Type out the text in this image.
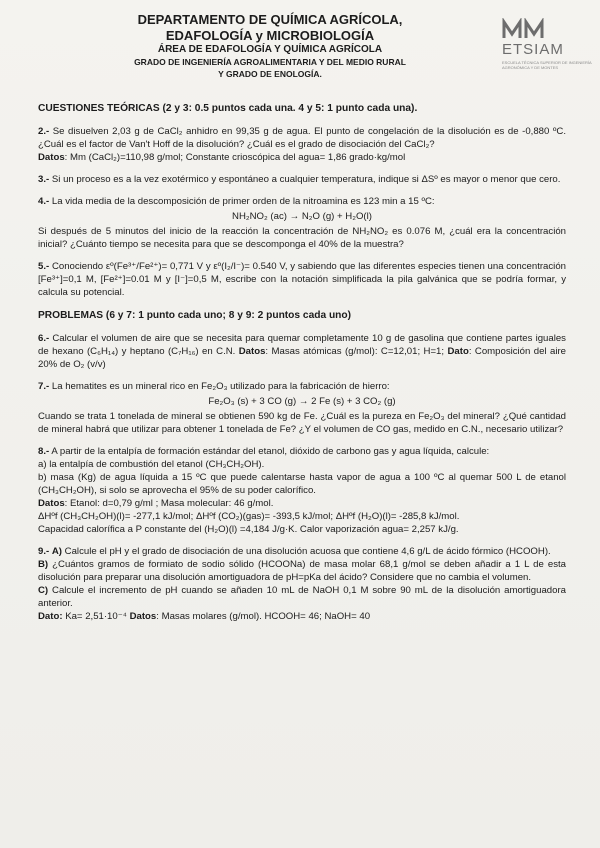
DEPARTAMENTO DE QUÍMICA AGRÍCOLA,
EDAFOLOGÍA y MICROBIOLOGÍA
ÁREA DE EDAFOLOGÍA Y QUÍMICA AGRÍCOLA
GRADO DE INGENIERÍA AGROALIMENTARIA Y DEL MEDIO RURAL
Y GRADO DE ENOLOGÍA.
ETSIAM
ESCUELA TÉCNICA SUPERIOR DE INGENIERÍA AGRONÓMICA Y DE MONTES
CUESTIONES TEÓRICAS (2 y 3: 0.5 puntos cada una. 4 y 5: 1 punto cada una).
2.- Se disuelven 2,03 g de CaCl₂ anhidro en 99,35 g de agua. El punto de congelación de la disolución es de -0,880 ºC. ¿Cuál es el factor de Van't Hoff de la disolución? ¿Cuál es el grado de disociación del CaCl₂?
Datos: Mm (CaCl₂)=110,98 g/mol; Constante crioscópica del agua= 1,86 grado·kg/mol
3.- Si un proceso es a la vez exotérmico y espontáneo a cualquier temperatura, indique si ΔSº es mayor o menor que cero.
4.- La vida media de la descomposición de primer orden de la nitroamina es 123 min a 15 ºC:
NH₂NO₂ (ac) → N₂O (g) + H₂O(l)
Si después de 5 minutos del inicio de la reacción la concentración de NH₂NO₂ es 0.076 M, ¿cuál era la concentración inicial? ¿Cuánto tiempo se necesita para que se descomponga el 40% de la muestra?
5.- Conociendo εº(Fe³⁺/Fe²⁺)= 0,771 V y εº(I₂/I⁻)= 0.540 V, y sabiendo que las diferentes especies tienen una concentración [Fe³⁺]=0,1 M, [Fe²⁺]=0.01 M y [I⁻]=0,5 M, escribe con la notación simplificada la pila galvánica que se podría formar, y calcula su potencial.
PROBLEMAS (6 y 7: 1 punto cada uno; 8 y 9: 2 puntos cada uno)
6.- Calcular el volumen de aire que se necesita para quemar completamente 10 g de gasolina que contiene partes iguales de hexano (C₆H₁₄) y heptano (C₇H₁₆) en C.N. Datos: Masas atómicas (g/mol): C=12,01; H=1; Dato: Composición del aire 20% de O₂ (v/v)
7.- La hematites es un mineral rico en Fe₂O₃ utilizado para la fabricación de hierro:
Fe₂O₃ (s) + 3 CO (g) → 2 Fe (s) + 3 CO₂ (g)
Cuando se trata 1 tonelada de mineral se obtienen 590 kg de Fe. ¿Cuál es la pureza en Fe₂O₃ del mineral? ¿Qué cantidad de mineral habrá que utilizar para obtener 1 tonelada de Fe? ¿Y el volumen de CO gas, medido en C.N., necesario utilizar?
8.- A partir de la entalpía de formación estándar del etanol, dióxido de carbono gas y agua líquida, calcule:
a) la entalpía de combustión del etanol (CH₃CH₂OH).
b) masa (Kg) de agua líquida a 15 ºC que puede calentarse hasta vapor de agua a 100 ºC al quemar 500 L de etanol (CH₃CH₂OH), si solo se aprovecha el 95% de su poder calorífico.
Datos: Etanol: d=0,79 g/ml ; Masa molecular: 46 g/mol.
ΔHºf (CH₃CH₂OH)(l)= -277,1 kJ/mol; ΔHºf (CO₂)(gas)= -393,5 kJ/mol; ΔHºf (H₂O)(l)= -285,8 kJ/mol.
Capacidad calorífica a P constante del (H₂O)(l) =4,184 J/g·K. Calor vaporización agua= 2,257 kJ/g.
9.- A) Calcule el pH y el grado de disociación de una disolución acuosa que contiene 4,6 g/L de ácido fórmico (HCOOH).
B) ¿Cuántos gramos de formiato de sodio sólido (HCOONa) de masa molar 68,1 g/mol se deben añadir a 1 L de esta disolución para preparar una disolución amortiguadora de pH=pKa del ácido? Considere que no cambia el volumen.
C) Calcule el incremento de pH cuando se añaden 10 mL de NaOH 0,1 M sobre 90 mL de la disolución amortiguadora anterior.
Dato: Ka= 2,51·10⁻⁴ Datos: Masas molares (g/mol). HCOOH= 46; NaOH= 40
